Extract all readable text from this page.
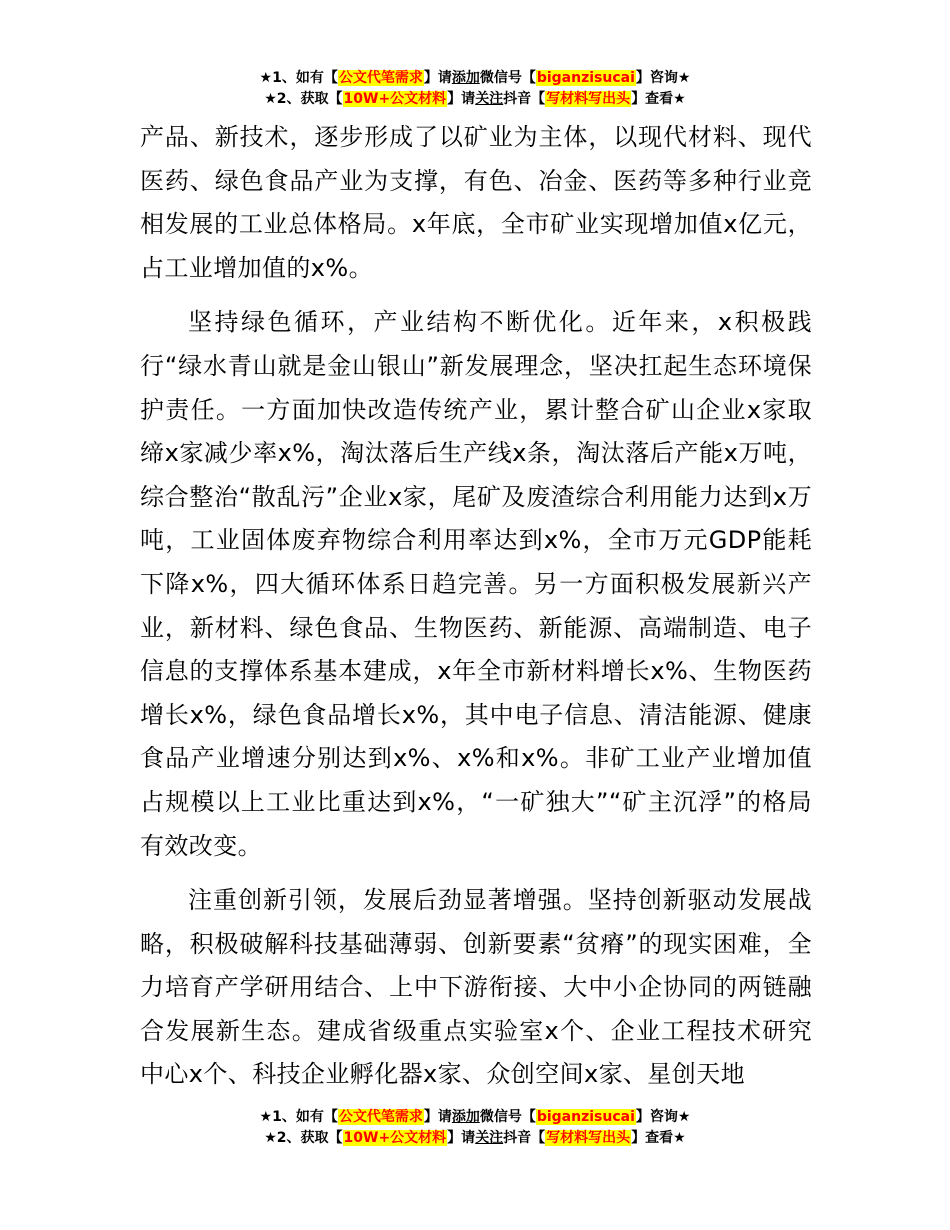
★1、如有【公文代笔需求】请添加微信号【biganzisucai】咨询★
★2、获取【10W+公文材料】请关注抖音【写材料写出头】查看★

产品、新技术，逐步形成了以矿业为主体，以现代材料、现代医药、绿色食品产业为支撑，有色、冶金、医药等多种行业竞相发展的工业总体格局。x年底，全市矿业实现增加值x亿元，占工业增加值的x%。

坚持绿色循环，产业结构不断优化。近年来，x积极践行“绿水青山就是金山银山”新发展理念，坚决扛起生态环境保护责任。一方面加快改造传统产业，累计整合矿山企业x家取缔x家减少率x%，淘汰落后生产线x条，淘汰落后产能x万吨，综合整治“散乱污”企业x家，尾矿及废渣综合利用能力达到x万吨，工业固体废弃物综合利用率达到x%，全市万元GDP能耗下降x%，四大循环体系日趋完善。另一方面积极发展新兴产业，新材料、绿色食品、生物医药、新能源、高端制造、电子信息的支撑体系基本建成，x年全市新材料增长x%、生物医药增长x%，绿色食品增长x%，其中电子信息、清洁能源、健康食品产业增速分别达到x%、x%和x%。非矿工业产业增加值占规模以上工业比重达到x%，“一矿独大”“矿主沉浮”的格局有效改变。

注重创新引领，发展后劲显著增强。坚持创新驱动发展战略，积极破解科技基础薄弱、创新要素“贫瘠”的现实困难，全力培育产学研用结合、上中下游衔接、大中小企协同的两链融合发展新生态。建成省级重点实验室x个、企业工程技术研究中心x个、科技企业孵化器x家、众创空间x家、星创天地

★1、如有【公文代笔需求】请添加微信号【biganzisucai】咨询★
★2、获取【10W+公文材料】请关注抖音【写材料写出头】查看★
